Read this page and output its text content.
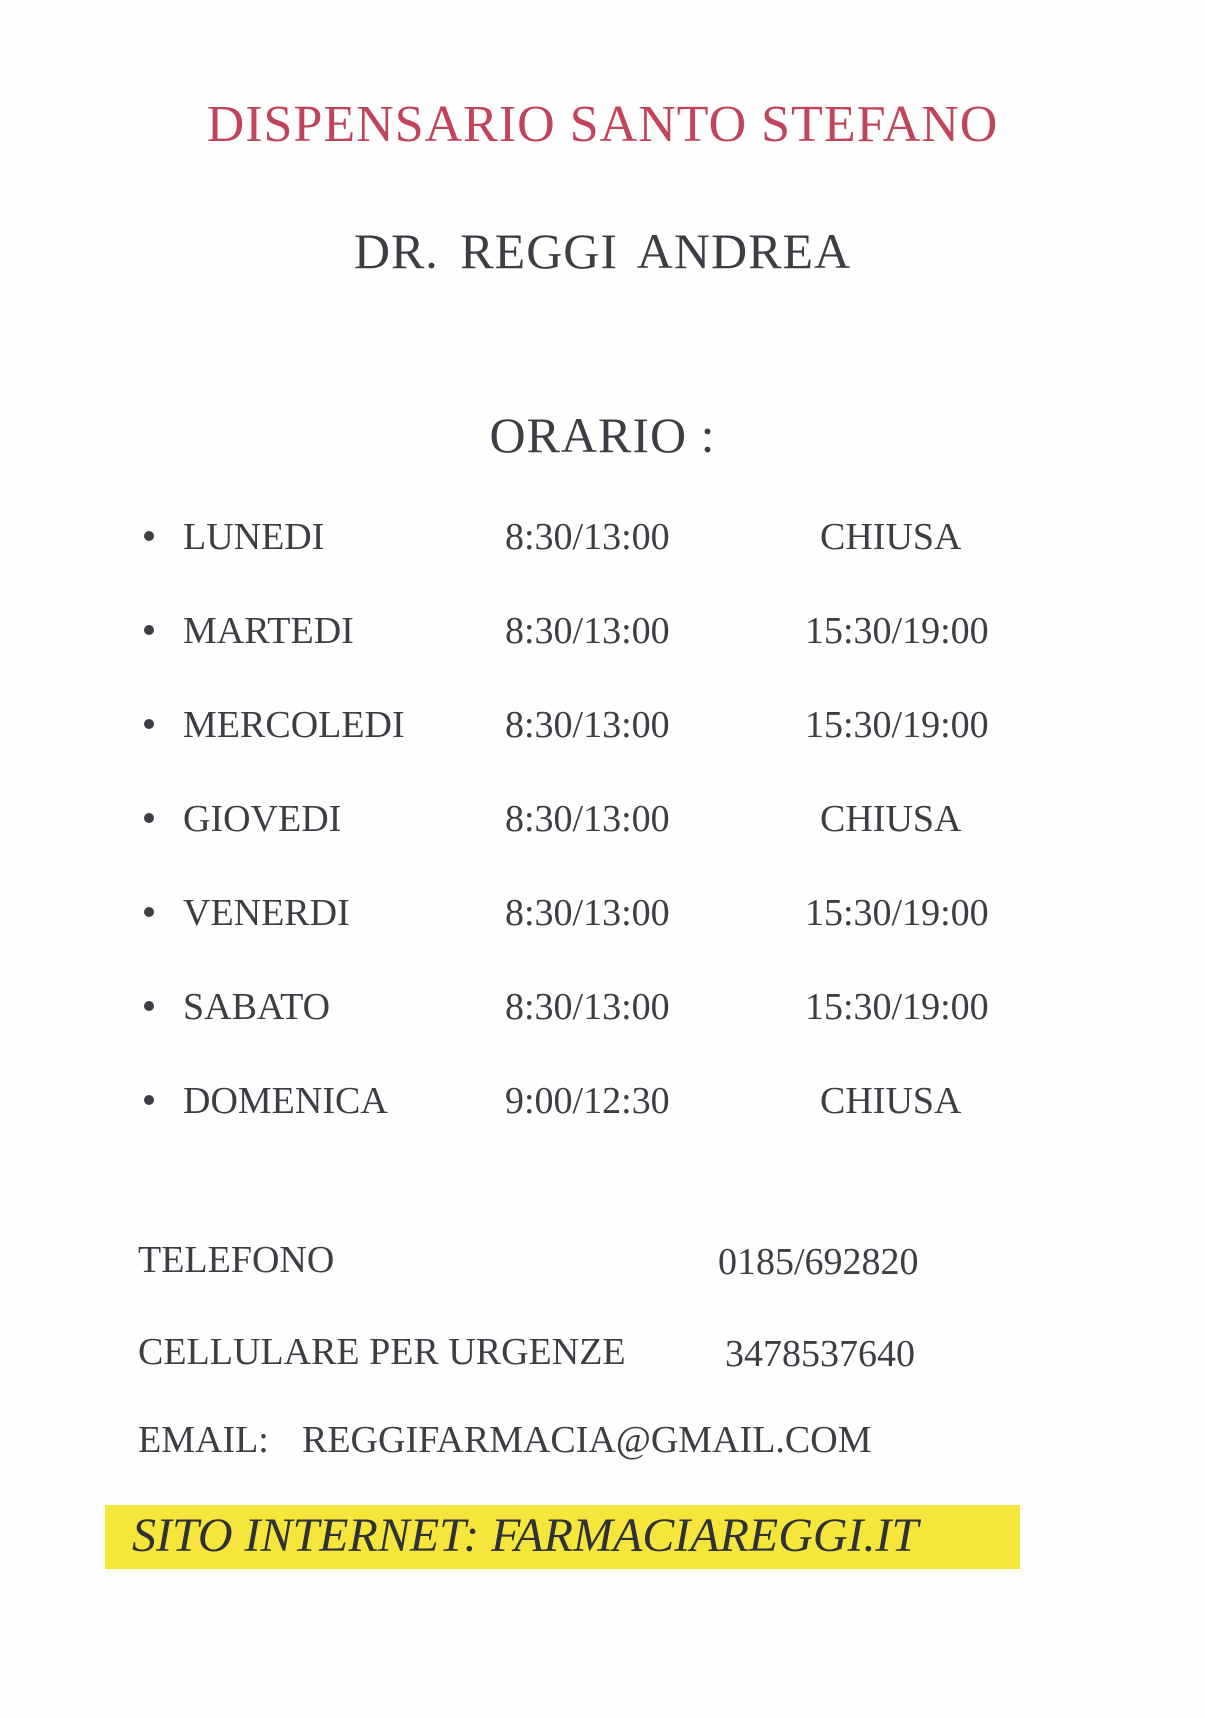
DISPENSARIO SANTO STEFANO
DR. REGGI ANDREA
ORARIO :
LUNEDI	8:30/13:00	CHIUSA
MARTEDI	8:30/13:00	15:30/19:00
MERCOLEDI	8:30/13:00	15:30/19:00
GIOVEDI	8:30/13:00	CHIUSA
VENERDI	8:30/13:00	15:30/19:00
SABATO	8:30/13:00	15:30/19:00
DOMENICA	9:00/12:30	CHIUSA
TELEFONO	0185/692820
CELLULARE PER URGENZE	3478537640
EMAIL: REGGIFARMACIA@GMAIL.COM
SITO INTERNET: FARMACIAREGGI.IT
